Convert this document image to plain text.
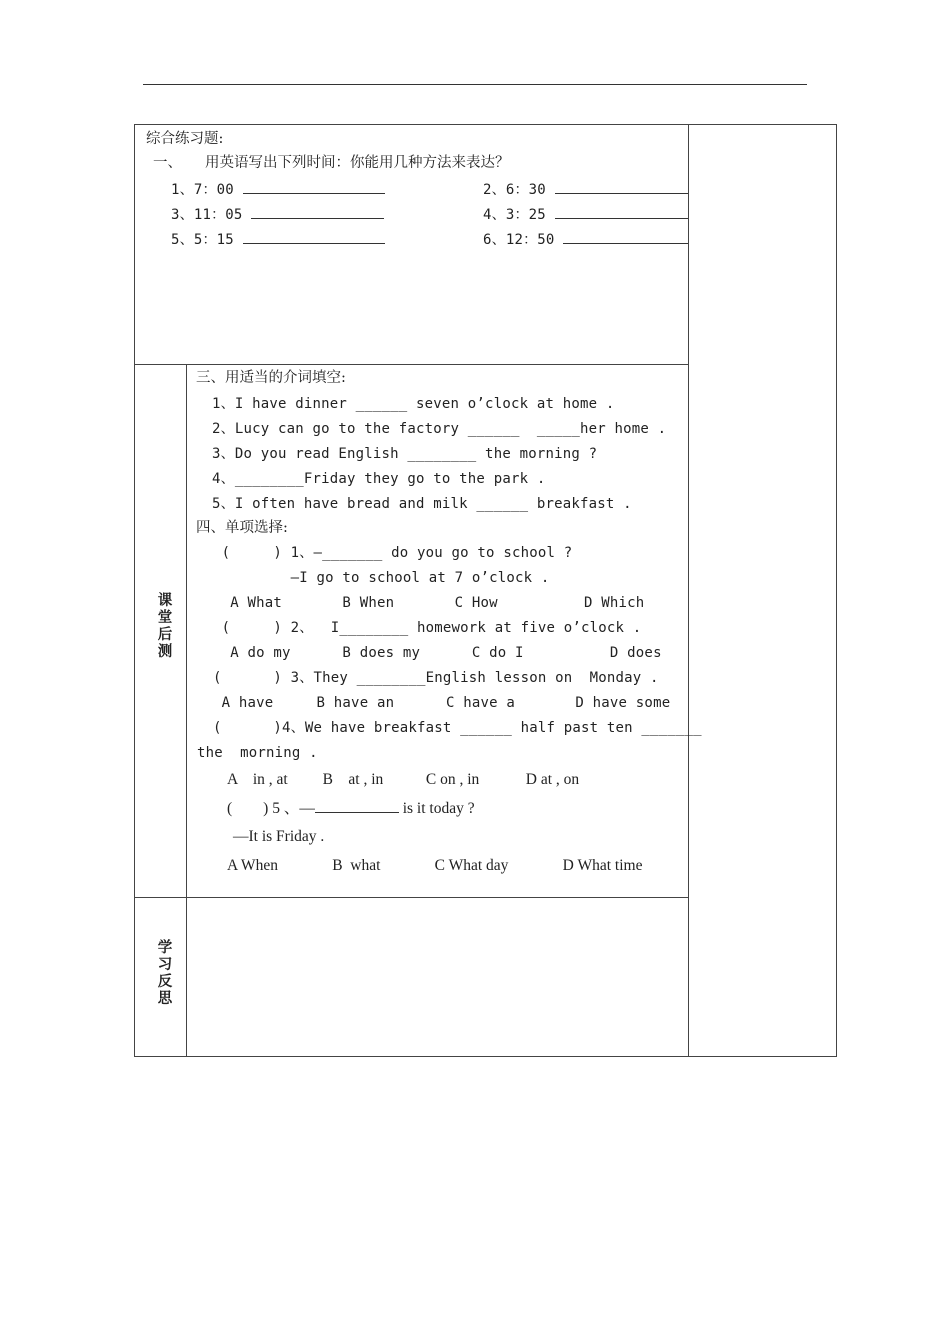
综合练习题:
一、     用英语写出下列时间：你能用几种方法来表达？
1、7：00	2、6：30
3、11：05	4、3：25
5、5：15	6、12：50
课
堂
后
测
三、用适当的介词填空:
1、I have dinner ______ seven o’clock at home .
2、Lucy can go to the factory ______  _____her home .
3、Do you read English ________ the morning ?
4、________Friday they go to the park .
5、I often have bread and milk ______ breakfast .
四、单项选择:
(     ) 1、—_______ do you go to school ?
—I go to school at 7 o’clock .
A What       B When       C How          D Which
(     ) 2、  I________ homework at five o’clock .
A do my      B does my      C do I          D does
(      ) 3、They ________English lesson on  Monday .
A have     B have an      C have a       D have some
(      )4、We have breakfast ______ half past ten _______
the  morning .
A    in , at         B    at , in           C on , in            D at , on
(        ) 5 、—	is it today ?
—It is Friday .
A When              B  what              C What day              D What time
学
习
反
思
